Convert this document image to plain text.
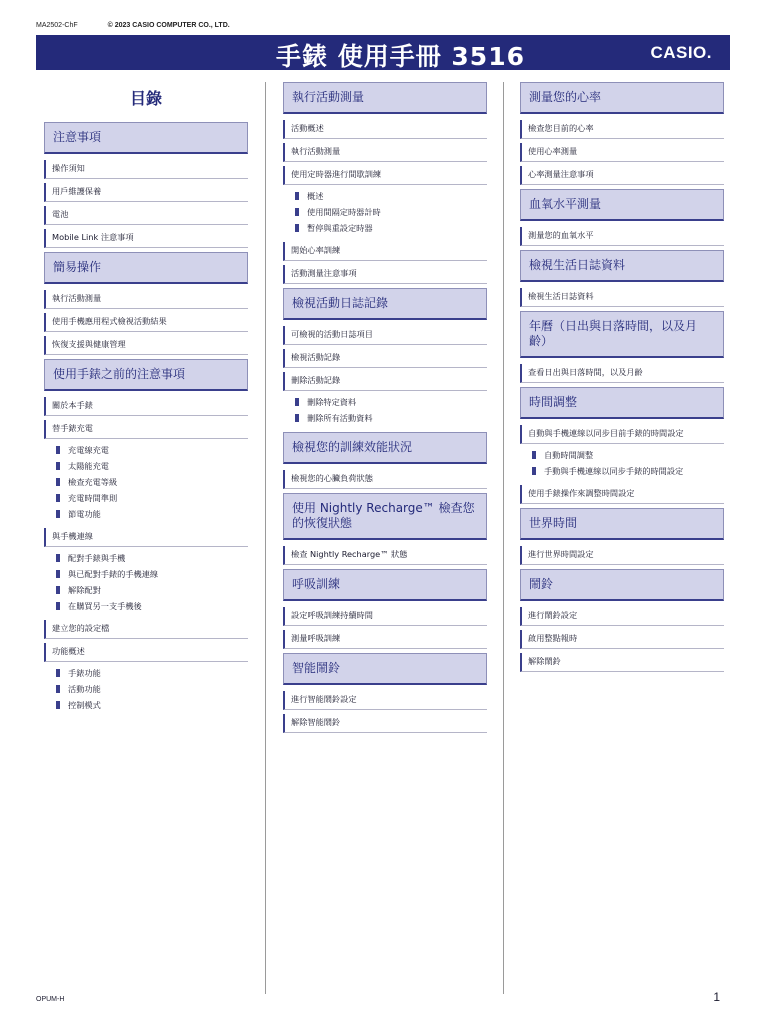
MA2502-ChF	© 2023 CASIO COMPUTER CO., LTD.
手錶 使用手冊 3516	CASIO.
目錄
注意事項
操作須知
用戶維護保養
電池
Mobile Link 注意事項
簡易操作
執行活動測量
使用手機應用程式檢視活動結果
恢復支援與健康管理
使用手錶之前的注意事項
關於本手錶
替手錶充電
充電線充電
太陽能充電
檢查充電等級
充電時間準則
節電功能
與手機連線
配對手錶與手機
與已配對手錶的手機連線
解除配對
在購買另一支手機後
建立您的設定檔
功能概述
手錶功能
活動功能
控制模式
執行活動測量
活動概述
執行活動測量
使用定時器進行間歇訓練
概述
使用間隔定時器計時
暫停與重設定時器
開始心率訓練
活動測量注意事項
檢視活動日誌記錄
可檢視的活動日誌項目
檢視活動記錄
刪除活動記錄
刪除特定資料
刪除所有活動資料
檢視您的訓練效能狀況
檢視您的心臟負荷狀態
使用 Nightly Recharge™ 檢查您的恢復狀態
檢查 Nightly Recharge™ 狀態
呼吸訓練
設定呼吸訓練持續時間
測量呼吸訓練
智能鬧鈴
進行智能鬧鈴設定
解除智能鬧鈴
測量您的心率
檢查您目前的心率
使用心率測量
心率測量注意事項
血氧水平測量
測量您的血氧水平
檢視生活日誌資料
檢視生活日誌資料
年曆（日出與日落時間，以及月齡）
查看日出與日落時間，以及月齡
時間調整
自動與手機連線以同步目前手錶的時間設定
自動時間調整
手動與手機連線以同步手錶的時間設定
使用手錶操作來調整時間設定
世界時間
進行世界時間設定
鬧鈴
進行鬧鈴設定
啟用整點報時
解除鬧鈴
OPUM-H	1
